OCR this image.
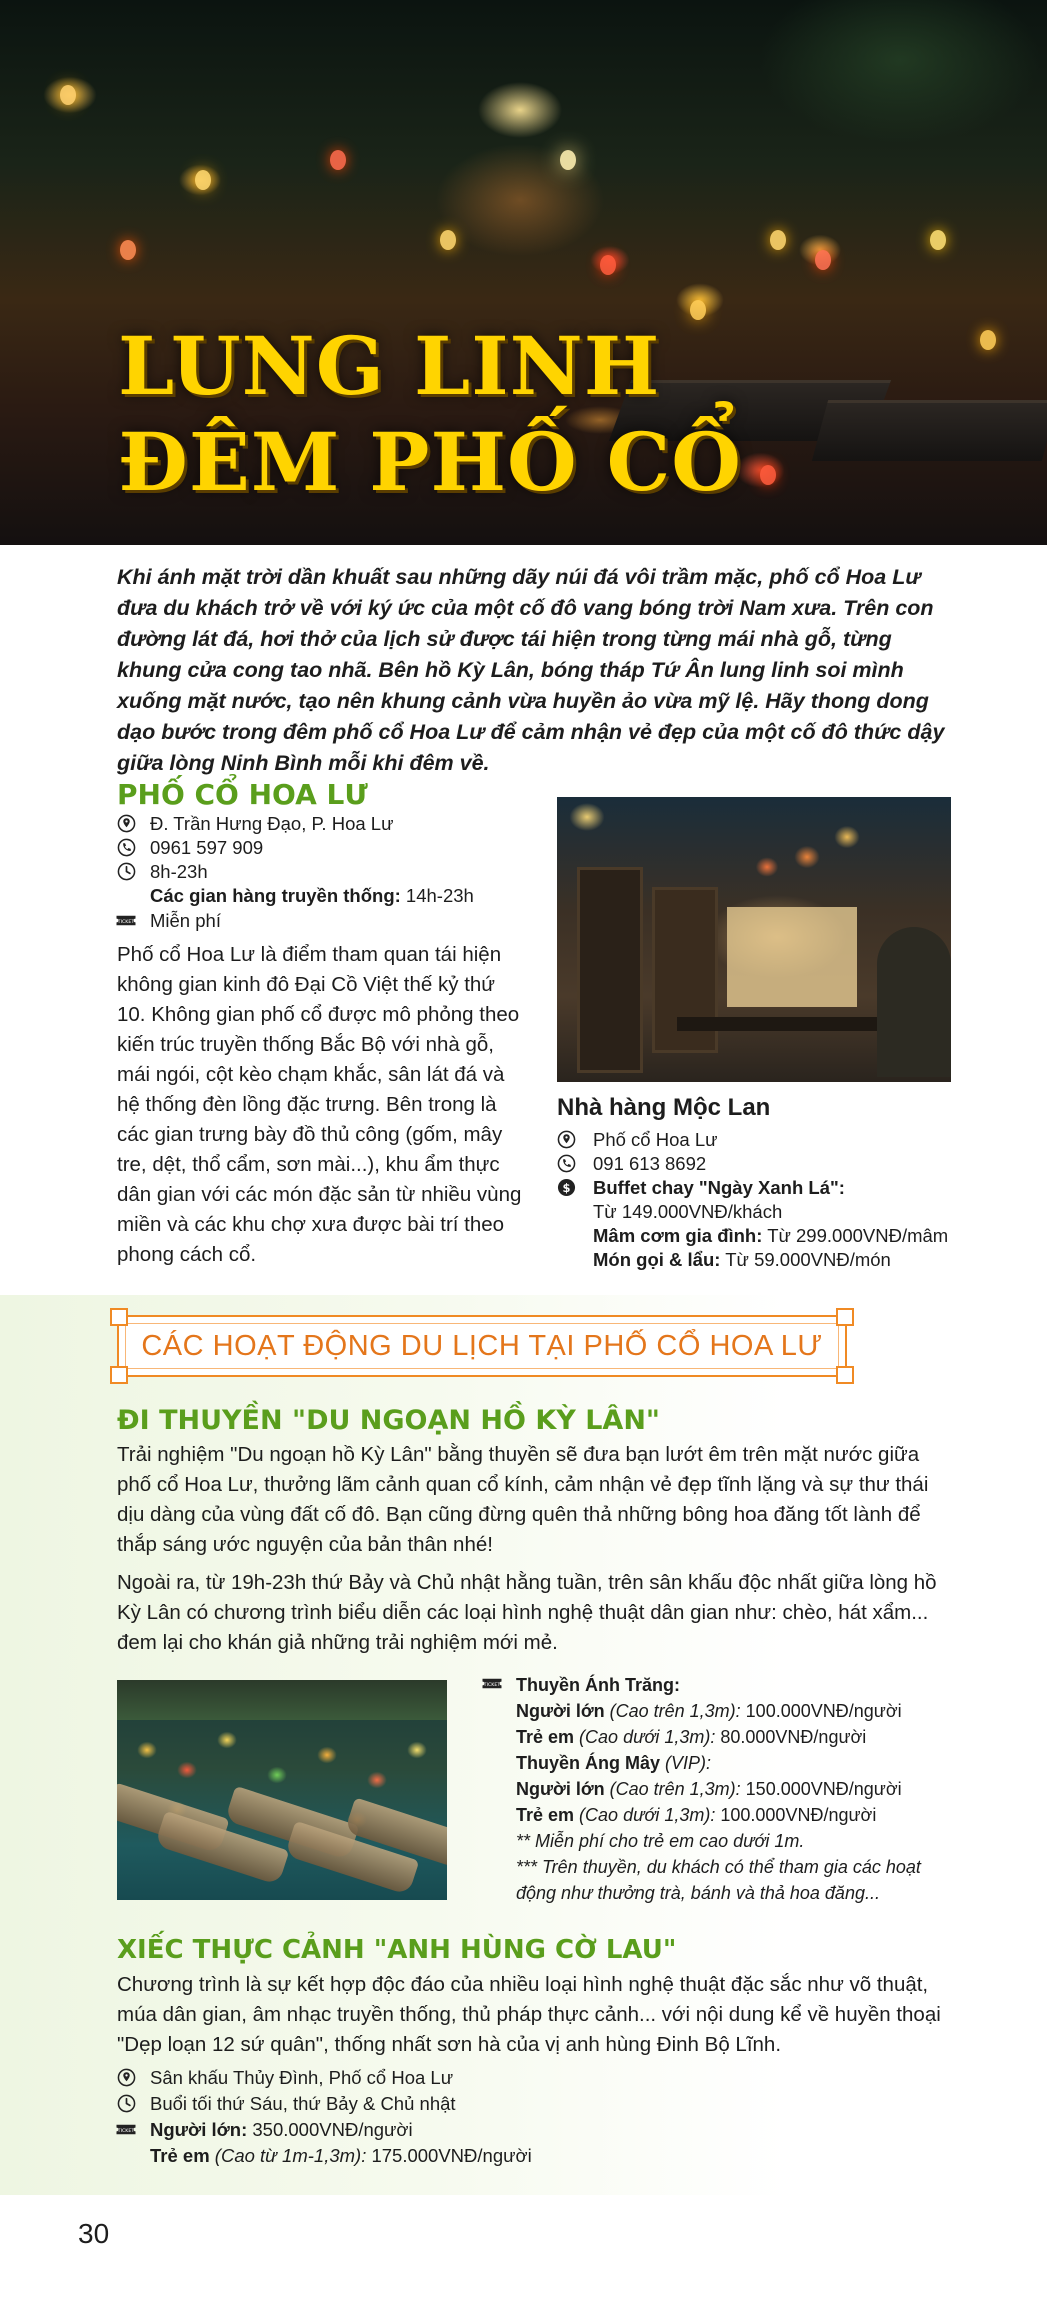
LUNG LINH
ĐÊM PHỐ CỔ

Khi ánh mặt trời dần khuất sau những dãy núi đá vôi trầm mặc, phố cổ Hoa Lư đưa du khách trở về với ký ức của một cố đô vang bóng trời Nam xưa. Trên con đường lát đá, hơi thở của lịch sử được tái hiện trong từng mái nhà gỗ, từng khung cửa cong tao nhã. Bên hồ Kỳ Lân, bóng tháp Tứ Ân lung linh soi mình xuống mặt nước, tạo nên khung cảnh vừa huyền ảo vừa mỹ lệ. Hãy thong dong dạo bước trong đêm phố cổ Hoa Lư để cảm nhận vẻ đẹp của một cố đô thức dậy giữa lòng Ninh Bình mỗi khi đêm về.

PHỐ CỔ HOA LƯ
Đ. Trần Hưng Đạo, P. Hoa Lư
0961 597 909
8h-23h
Các gian hàng truyền thống: 14h-23h
TICKET Miễn phí

Phố cổ Hoa Lư là điểm tham quan tái hiện không gian kinh đô Đại Cồ Việt thế kỷ thứ 10. Không gian phố cổ được mô phỏng theo kiến trúc truyền thống Bắc Bộ với nhà gỗ, mái ngói, cột kèo chạm khắc, sân lát đá và hệ thống đèn lồng đặc trưng. Bên trong là các gian trưng bày đồ thủ công (gốm, mây tre, dệt, thổ cẩm, sơn mài...), khu ẩm thực dân gian với các món đặc sản từ nhiều vùng miền và các khu chợ xưa được bài trí theo phong cách cổ.

Nhà hàng Mộc Lan
Phố cổ Hoa Lư
091 613 8692
$ Buffet chay "Ngày Xanh Lá":
Từ 149.000VNĐ/khách
Mâm cơm gia đình: Từ 299.000VNĐ/mâm
Món gọi & lẩu: Từ 59.000VNĐ/món
CÁC HOẠT ĐỘNG DU LỊCH TẠI PHỐ CỔ HOA LƯ
ĐI THUYỀN "DU NGOẠN HỒ KỲ LÂN"

Trải nghiệm "Du ngoạn hồ Kỳ Lân" bằng thuyền sẽ đưa bạn lướt êm trên mặt nước giữa phố cổ Hoa Lư, thưởng lãm cảnh quan cổ kính, cảm nhận vẻ đẹp tĩnh lặng và sự thư thái dịu dàng của vùng đất cố đô. Bạn cũng đừng quên thả những bông hoa đăng tốt lành để thắp sáng ước nguyện của bản thân nhé!

Ngoài ra, từ 19h-23h thứ Bảy và Chủ nhật hằng tuần, trên sân khấu độc nhất giữa lòng hồ Kỳ Lân có chương trình biểu diễn các loại hình nghệ thuật dân gian như: chèo, hát xẩm... đem lại cho khán giả những trải nghiệm mới mẻ.

TICKET Thuyền Ánh Trăng:
Người lớn (Cao trên 1,3m): 100.000VNĐ/người
Trẻ em (Cao dưới 1,3m): 80.000VNĐ/người
Thuyền Áng Mây (VIP):
Người lớn (Cao trên 1,3m): 150.000VNĐ/người
Trẻ em (Cao dưới 1,3m): 100.000VNĐ/người
** Miễn phí cho trẻ em cao dưới 1m.
*** Trên thuyền, du khách có thể tham gia các hoạt
động như thưởng trà, bánh và thả hoa đăng...
XIẾC THỰC CẢNH "ANH HÙNG CỜ LAU"

Chương trình là sự kết hợp độc đáo của nhiều loại hình nghệ thuật đặc sắc như võ thuật, múa dân gian, âm nhạc truyền thống, thủ pháp thực cảnh... với nội dung kể về huyền thoại "Dẹp loạn 12 sứ quân", thống nhất sơn hà của vị anh hùng Đinh Bộ Lĩnh.

Sân khấu Thủy Đình, Phố cổ Hoa Lư
Buổi tối thứ Sáu, thứ Bảy & Chủ nhật
TICKET Người lớn: 350.000VNĐ/người
Trẻ em (Cao từ 1m-1,3m): 175.000VNĐ/người

30
